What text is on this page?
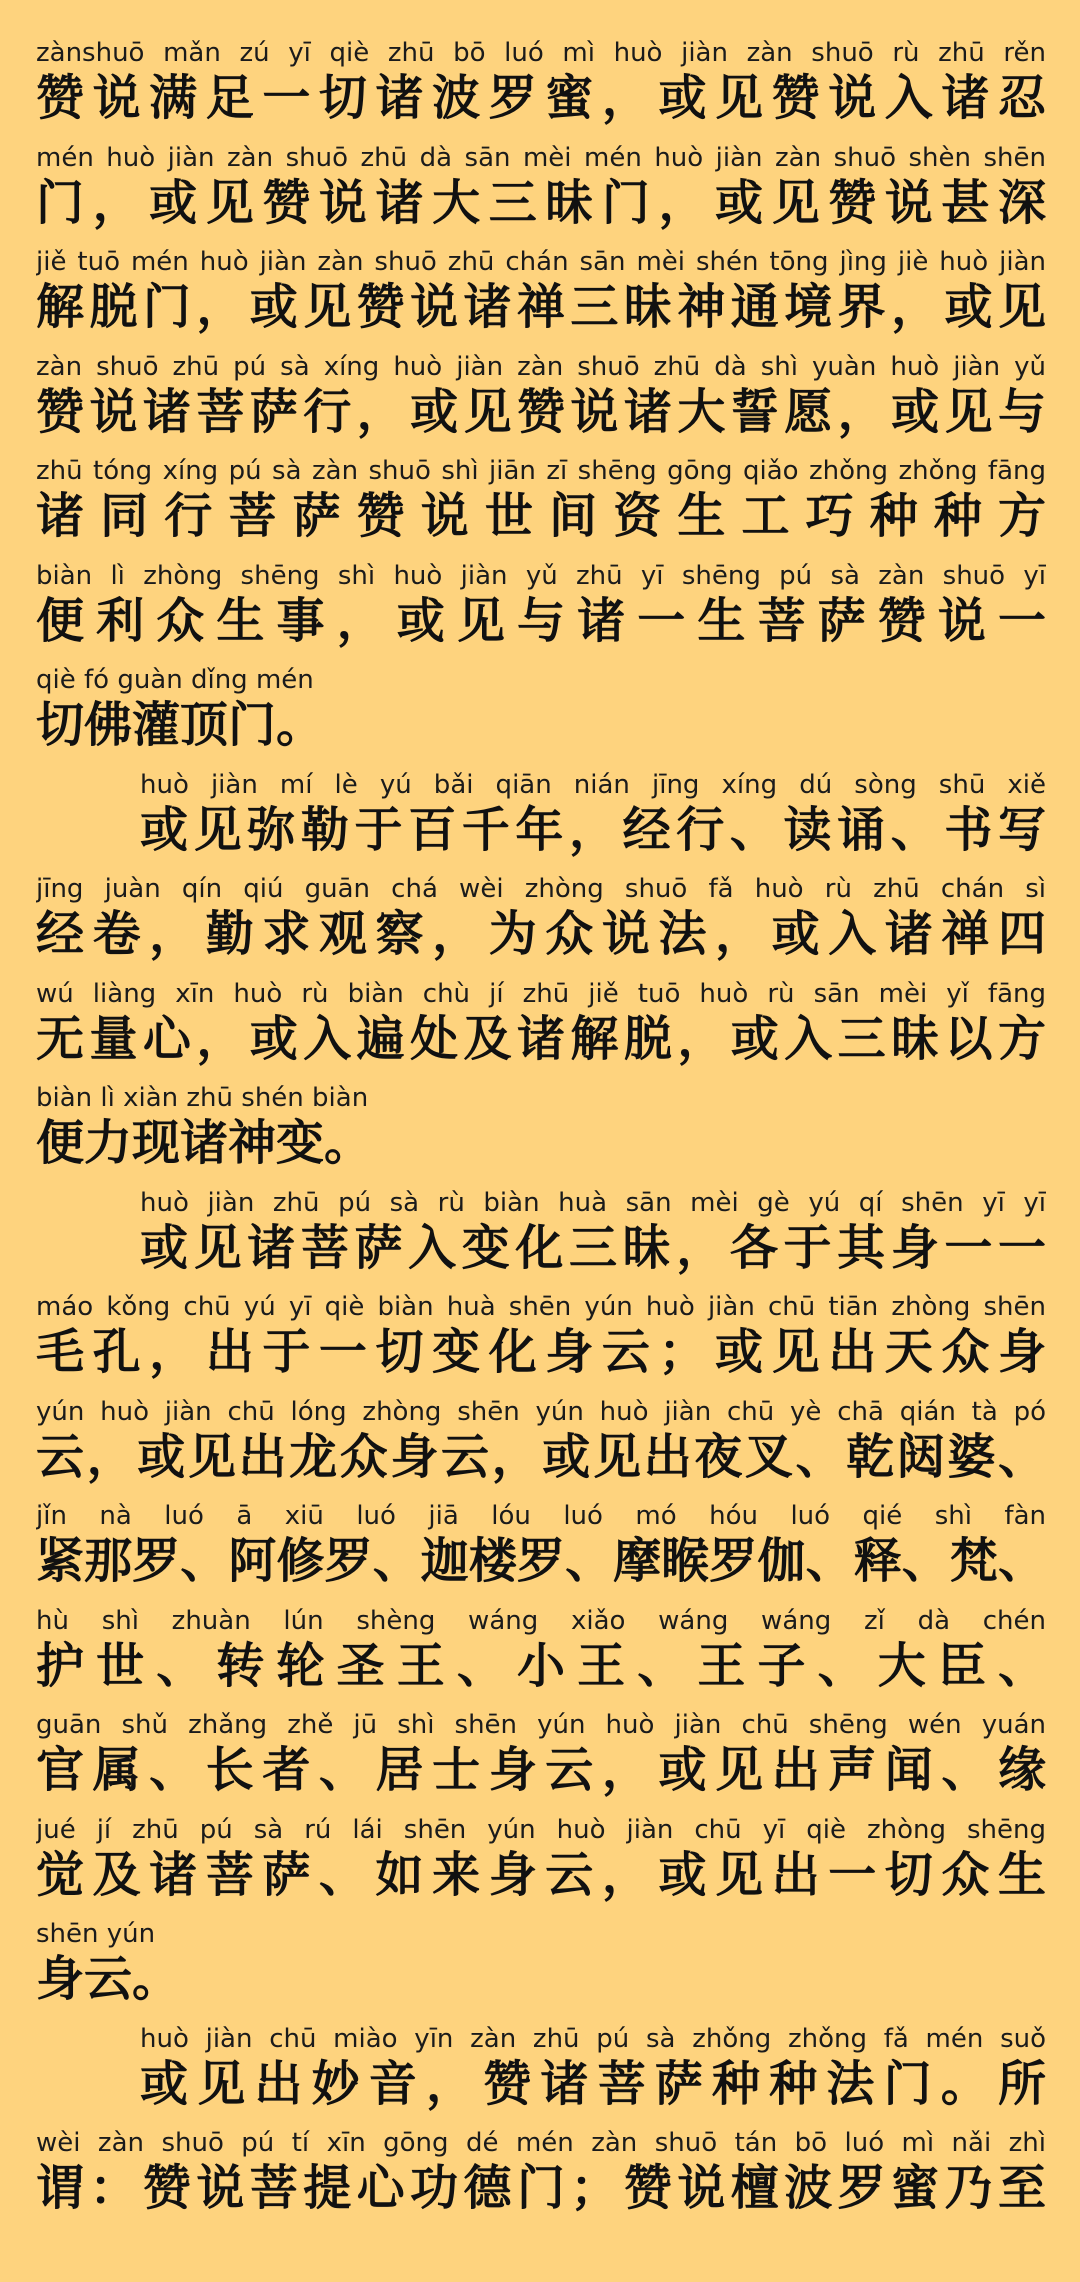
zànshuō mǎn zú yī qiè zhū bō luó mì huò jiàn zàn shuō rù zhū rěn
赞说满足一切诸波罗蜜，或见赞说入诸忍
mén huò jiàn zàn shuō zhū dà sān mèi mén huò jiàn zàn shuō shèn shēn
门，或见赞说诸大三昧门，或见赞说甚深
jiě tuō mén huò jiàn zàn shuō zhū chán sān mèi shén tōng jìng jiè huò jiàn
解脱门，或见赞说诸禅三昧神通境界，或见
zàn shuō zhū pú sà xíng huò jiàn zàn shuō zhū dà shì yuàn huò jiàn yǔ
赞说诸菩萨行，或见赞说诸大誓愿，或见与
zhū tóng xíng pú sà zàn shuō shì jiān zī shēng gōng qiǎo zhǒng zhǒng fāng
诸同行菩萨赞说世间资生工巧种种方
biàn lì zhòng shēng shì huò jiàn yǔ zhū yī shēng pú sà zàn shuō yī
便利众生事，或见与诸一生菩萨赞说一
qiè fó guàn dǐng mén
切佛灌顶门。
huò jiàn mí lè yú bǎi qiān nián jīng xíng dú sòng shū xiě
或见弥勒于百千年，经行、读诵、书写
jīng juàn qín qiú guān chá wèi zhòng shuō fǎ huò rù zhū chán sì
经卷，勤求观察，为众说法，或入诸禅四
wú liàng xīn huò rù biàn chù jí zhū jiě tuō huò rù sān mèi yǐ fāng
无量心，或入遍处及诸解脱，或入三昧以方
biàn lì xiàn zhū shén biàn
便力现诸神变。
huò jiàn zhū pú sà rù biàn huà sān mèi gè yú qí shēn yī yī
或见诸菩萨入变化三昧，各于其身一一
máo kǒng chū yú yī qiè biàn huà shēn yún huò jiàn chū tiān zhòng shēn
毛孔，出于一切变化身云；或见出天众身
yún huò jiàn chū lóng zhòng shēn yún huò jiàn chū yè chā qián tà pó
云，或见出龙众身云，或见出夜叉、乾闼婆、
jǐn nà luó ā xiū luó jiā lóu luó mó hóu luó qié shì fàn
紧那罗、阿修罗、迦楼罗、摩睺罗伽、释、梵、
hù shì zhuàn lún shèng wáng xiǎo wáng wáng zǐ dà chén
护世、转轮圣王、小王、王子、大臣、
guān shǔ zhǎng zhě jū shì shēn yún huò jiàn chū shēng wén yuán
官属、长者、居士身云，或见出声闻、缘
jué jí zhū pú sà rú lái shēn yún huò jiàn chū yī qiè zhòng shēng
觉及诸菩萨、如来身云，或见出一切众生
shēn yún
身云。
huò jiàn chū miào yīn zàn zhū pú sà zhǒng zhǒng fǎ mén suǒ
或见出妙音，赞诸菩萨种种法门。所
wèi zàn shuō pú tí xīn gōng dé mén zàn shuō tán bō luó mì nǎi zhì
谓：赞说菩提心功德门；赞说檀波罗蜜乃至
